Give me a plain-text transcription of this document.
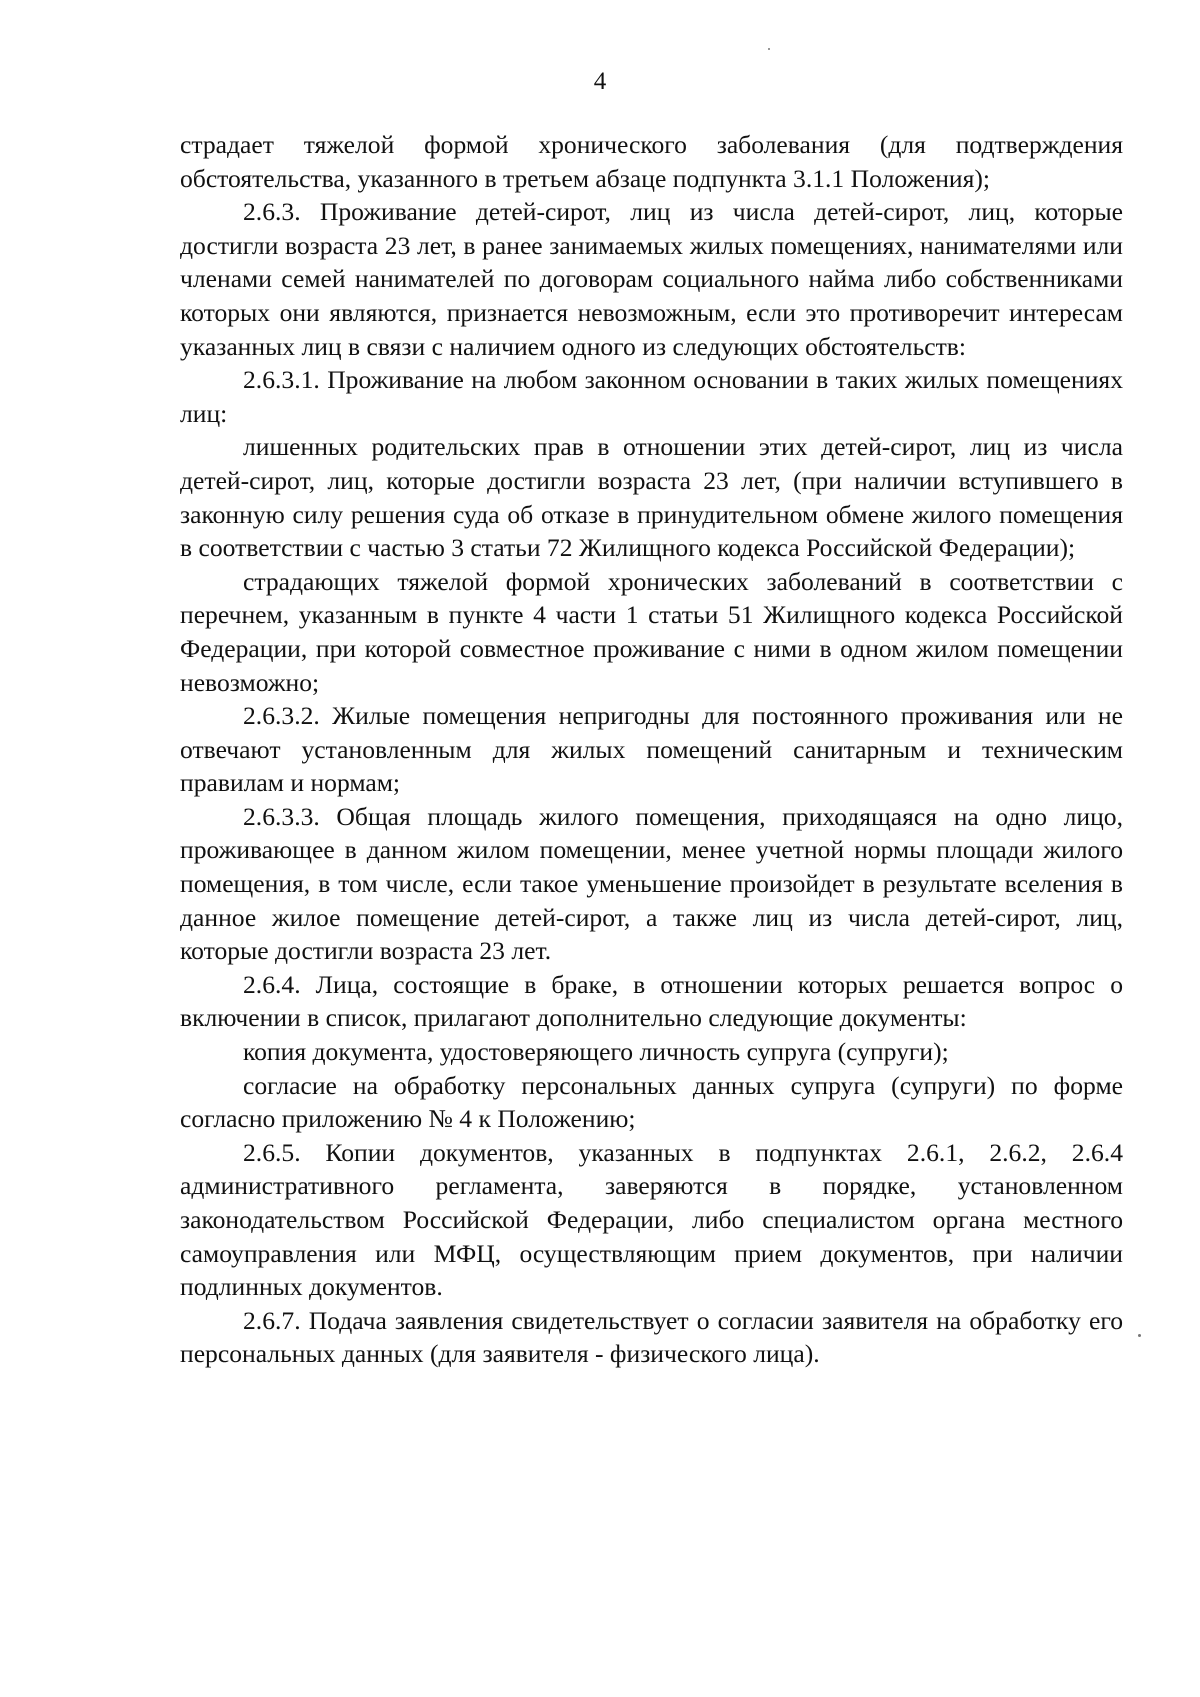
4

страдает тяжелой формой хронического заболевания (для подтверждения обстоятельства, указанного в третьем абзаце подпункта 3.1.1 Положения);

2.6.3. Проживание детей-сирот, лиц из числа детей-сирот, лиц, которые достигли возраста 23 лет, в ранее занимаемых жилых помещениях, нанимателями или членами семей нанимателей по договорам социального найма либо собственниками которых они являются, признается невозможным, если это противоречит интересам указанных лиц в связи с наличием одного из следующих обстоятельств:

2.6.3.1. Проживание на любом законном основании в таких жилых помещениях лиц:

лишенных родительских прав в отношении этих детей-сирот, лиц из числа детей-сирот, лиц, которые достигли возраста 23 лет, (при наличии вступившего в законную силу решения суда об отказе в принудительном обмене жилого помещения в соответствии с частью 3 статьи 72 Жилищного кодекса Российской Федерации);

страдающих тяжелой формой хронических заболеваний в соответствии с перечнем, указанным в пункте 4 части 1 статьи 51 Жилищного кодекса Российской Федерации, при которой совместное проживание с ними в одном жилом помещении невозможно;

2.6.3.2. Жилые помещения непригодны для постоянного проживания или не отвечают установленным для жилых помещений санитарным и техническим правилам и нормам;

2.6.3.3. Общая площадь жилого помещения, приходящаяся на одно лицо, проживающее в данном жилом помещении, менее учетной нормы площади жилого помещения, в том числе, если такое уменьшение произойдет в результате вселения в данное жилое помещение детей-сирот, а также лиц из числа детей-сирот, лиц, которые достигли возраста 23 лет.

2.6.4. Лица, состоящие в браке, в отношении которых решается вопрос о включении в список, прилагают дополнительно следующие документы:

копия документа, удостоверяющего личность супруга (супруги);

согласие на обработку персональных данных супруга (супруги) по форме согласно приложению № 4 к Положению;

2.6.5. Копии документов, указанных в подпунктах 2.6.1, 2.6.2, 2.6.4 административного регламента, заверяются в порядке, установленном законодательством Российской Федерации, либо специалистом органа местного самоуправления или МФЦ, осуществляющим прием документов, при наличии подлинных документов.

2.6.7. Подача заявления свидетельствует о согласии заявителя на обработку его персональных данных (для заявителя - физического лица).
